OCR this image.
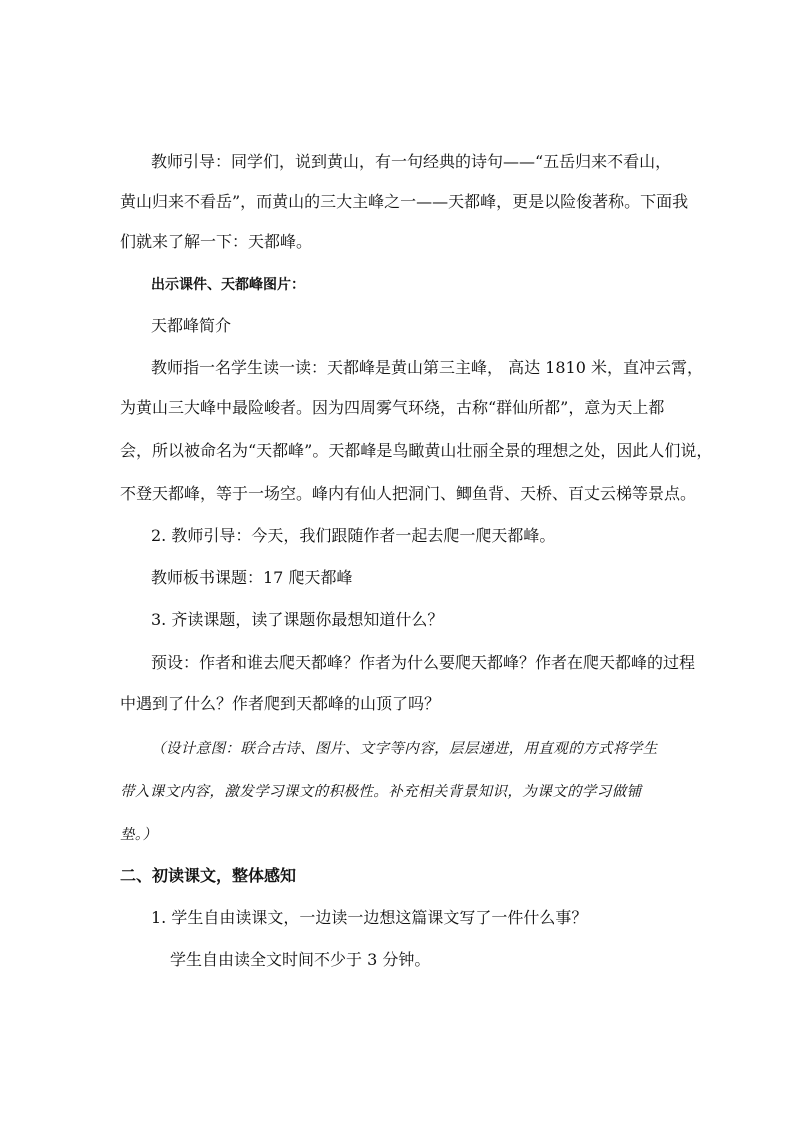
教师引导：同学们，说到黄山，有一句经典的诗句——“五岳归来不看山，
黄山归来不看岳”，而黄山的三大主峰之一——天都峰，更是以险俊著称。下面我
们就来了解一下：天都峰。
出示课件、天都峰图片：
天都峰简介
教师指一名学生读一读：天都峰是黄山第三主峰， 高达 1810 米，直冲云霄，
为黄山三大峰中最险峻者。因为四周雾气环绕，古称“群仙所都”，意为天上都
会，所以被命名为“天都峰”。天都峰是鸟瞰黄山壮丽全景的理想之处，因此人们说，
不登天都峰，等于一场空。峰内有仙人把洞门、鲫鱼背、天桥、百丈云梯等景点。
2. 教师引导：今天，我们跟随作者一起去爬一爬天都峰。
教师板书课题：17 爬天都峰
3. 齐读课题，读了课题你最想知道什么？
预设：作者和谁去爬天都峰？作者为什么要爬天都峰？作者在爬天都峰的过程
中遇到了什么？作者爬到天都峰的山顶了吗？
（设计意图：联合古诗、图片、文字等内容，层层递进，用直观的方式将学生
带入课文内容，激发学习课文的积极性。补充相关背景知识，为课文的学习做铺
垫。）
二、初读课文，整体感知
1. 学生自由读课文，一边读一边想这篇课文写了一件什么事？
学生自由读全文时间不少于 3 分钟。
